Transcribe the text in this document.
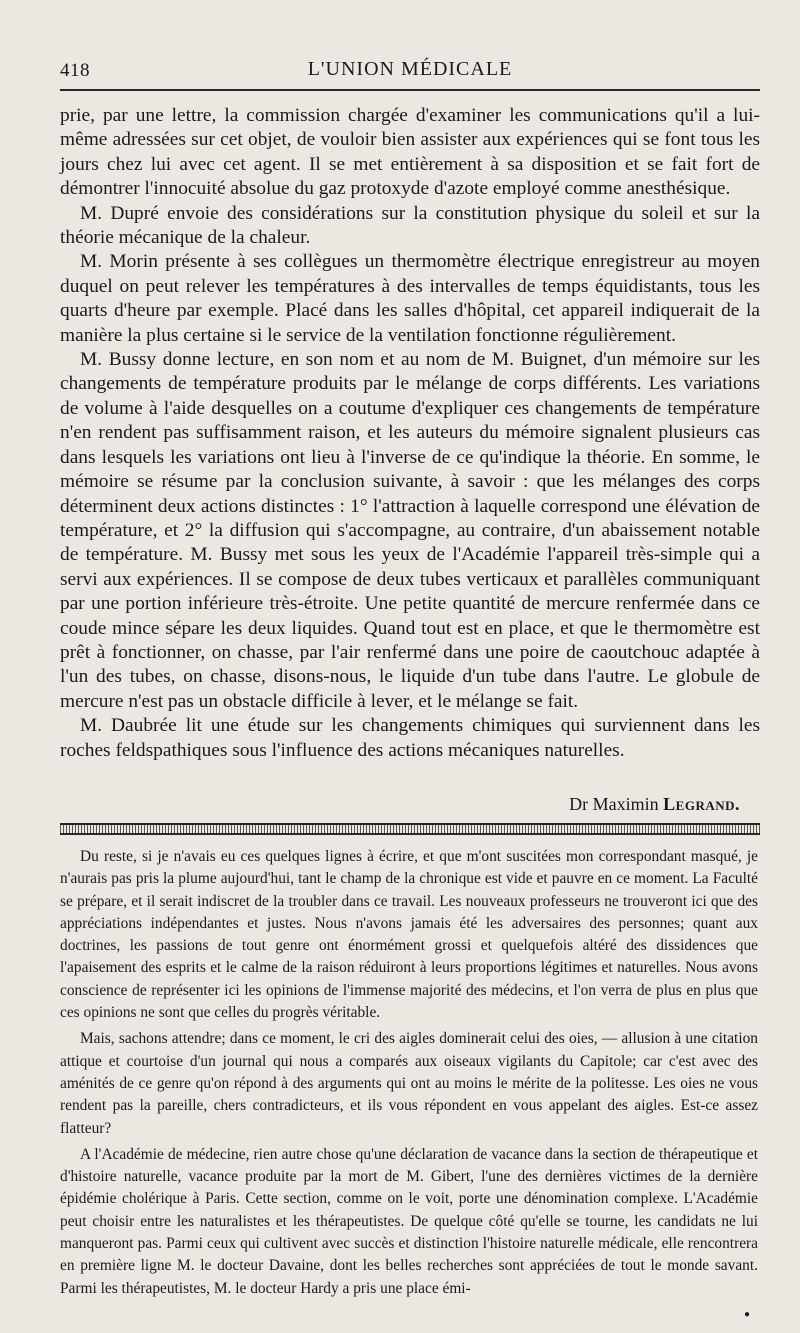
418	L'UNION MÉDICALE

prie, par une lettre, la commission chargée d'examiner les communications qu'il a lui-même adressées sur cet objet, de vouloir bien assister aux expériences qui se font tous les jours chez lui avec cet agent. Il se met entièrement à sa disposition et se fait fort de démontrer l'innocuité absolue du gaz protoxyde d'azote employé comme anesthésique.

M. Dupré envoie des considérations sur la constitution physique du soleil et sur la théorie mécanique de la chaleur.

M. Morin présente à ses collègues un thermomètre électrique enregistreur au moyen duquel on peut relever les températures à des intervalles de temps équidistants, tous les quarts d'heure par exemple. Placé dans les salles d'hôpital, cet appareil indiquerait de la manière la plus certaine si le service de la ventilation fonctionne régulièrement.

M. Bussy donne lecture, en son nom et au nom de M. Buignet, d'un mémoire sur les changements de température produits par le mélange de corps différents. Les variations de volume à l'aide desquelles on a coutume d'expliquer ces changements de température n'en rendent pas suffisamment raison, et les auteurs du mémoire signalent plusieurs cas dans lesquels les variations ont lieu à l'inverse de ce qu'indique la théorie. En somme, le mémoire se résume par la conclusion suivante, à savoir : que les mélanges des corps déterminent deux actions distinctes : 1° l'attraction à laquelle correspond une élévation de température, et 2° la diffusion qui s'accompagne, au contraire, d'un abaissement notable de température. M. Bussy met sous les yeux de l'Académie l'appareil très-simple qui a servi aux expériences. Il se compose de deux tubes verticaux et parallèles communiquant par une portion inférieure très-étroite. Une petite quantité de mercure renfermée dans ce coude mince sépare les deux liquides. Quand tout est en place, et que le thermomètre est prêt à fonctionner, on chasse, par l'air renfermé dans une poire de caoutchouc adaptée à l'un des tubes, on chasse, disons-nous, le liquide d'un tube dans l'autre. Le globule de mercure n'est pas un obstacle difficile à lever, et le mélange se fait.

M. Daubrée lit une étude sur les changements chimiques qui surviennent dans les roches feldspathiques sous l'influence des actions mécaniques naturelles.

Dr Maximin Legrand.

Du reste, si je n'avais eu ces quelques lignes à écrire, et que m'ont suscitées mon correspondant masqué, je n'aurais pas pris la plume aujourd'hui, tant le champ de la chronique est vide et pauvre en ce moment. La Faculté se prépare, et il serait indiscret de la troubler dans ce travail. Les nouveaux professeurs ne trouveront ici que des appréciations indépendantes et justes. Nous n'avons jamais été les adversaires des personnes; quant aux doctrines, les passions de tout genre ont énormément grossi et quelquefois altéré des dissidences que l'apaisement des esprits et le calme de la raison réduiront à leurs proportions légitimes et naturelles. Nous avons conscience de représenter ici les opinions de l'immense majorité des médecins, et l'on verra de plus en plus que ces opinions ne sont que celles du progrès véritable.

Mais, sachons attendre; dans ce moment, le cri des aigles dominerait celui des oies, — allusion à une citation attique et courtoise d'un journal qui nous a comparés aux oiseaux vigilants du Capitole; car c'est avec des aménités de ce genre qu'on répond à des arguments qui ont au moins le mérite de la politesse. Les oies ne vous rendent pas la pareille, chers contradicteurs, et ils vous répondent en vous appelant des aigles. Est-ce assez flatteur?

A l'Académie de médecine, rien autre chose qu'une déclaration de vacance dans la section de thérapeutique et d'histoire naturelle, vacance produite par la mort de M. Gibert, l'une des dernières victimes de la dernière épidémie cholérique à Paris. Cette section, comme on le voit, porte une dénomination complexe. L'Académie peut choisir entre les naturalistes et les thérapeutistes. De quelque côté qu'elle se tourne, les candidats ne lui manqueront pas. Parmi ceux qui cultivent avec succès et distinction l'histoire naturelle médicale, elle rencontrera en première ligne M. le docteur Davaine, dont les belles recherches sont appréciées de tout le monde savant. Parmi les thérapeutistes, M. le docteur Hardy a pris une place émi-

●
